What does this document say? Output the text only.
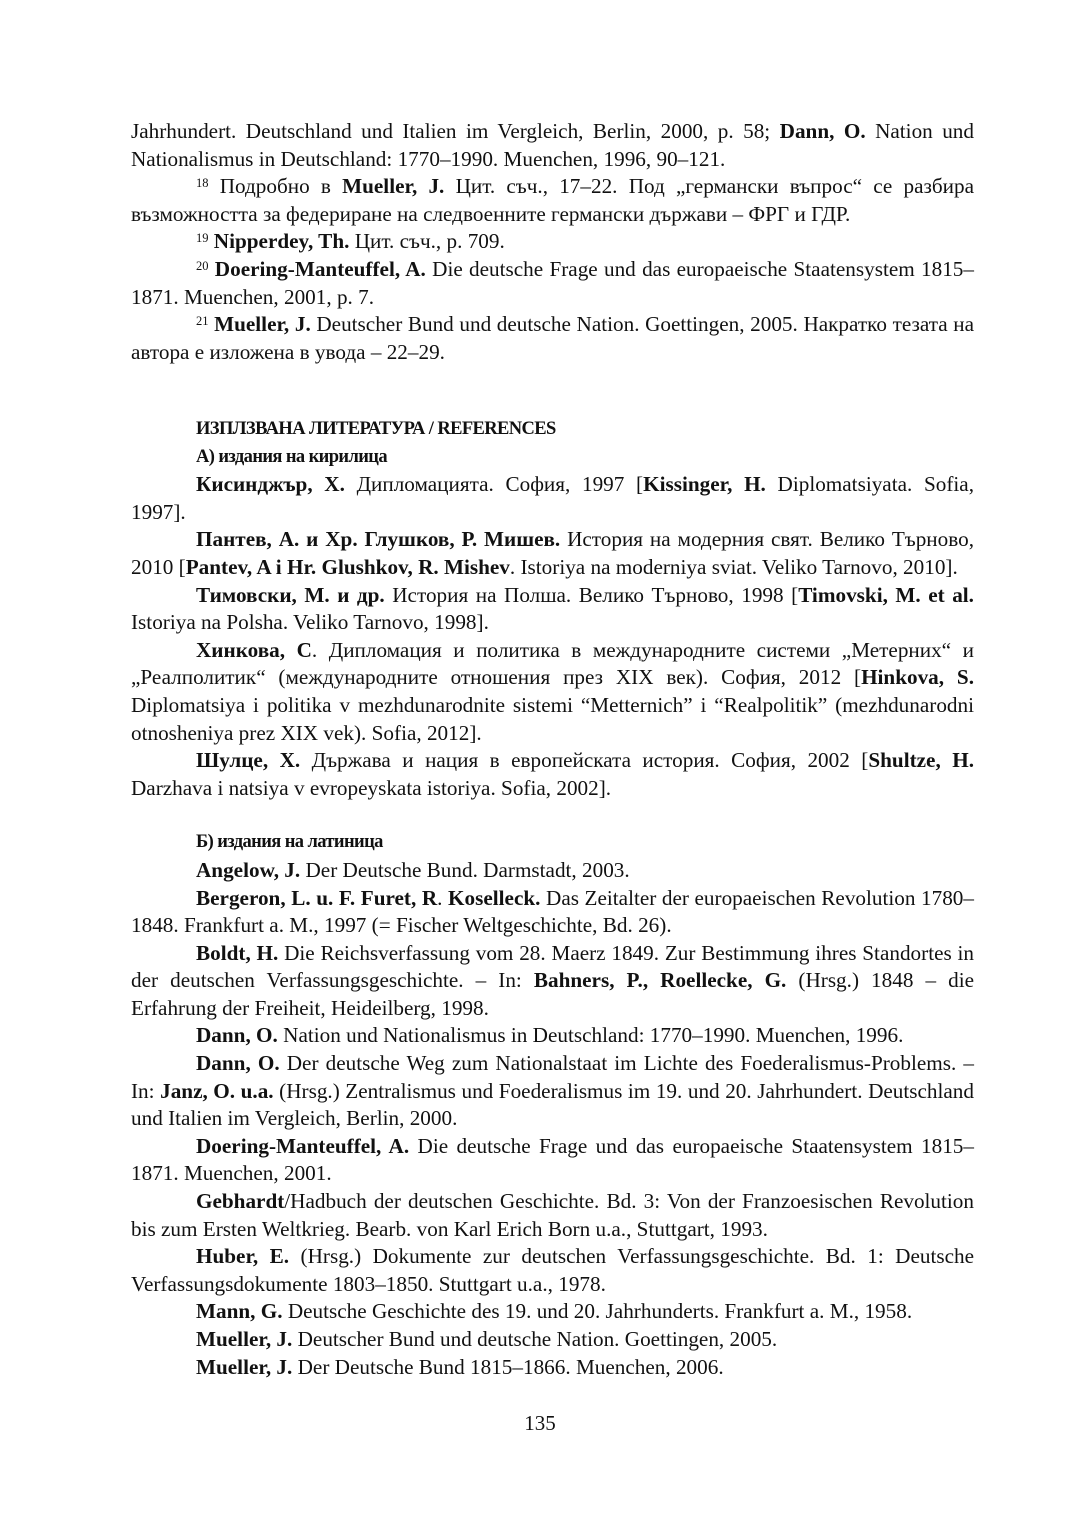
Jahrhundert. Deutschland und Italien im Vergleich, Berlin, 2000, p. 58; Dann, O. Nation und Nationalismus in Deutschland: 1770–1990. Muenchen, 1996, 90–121.

$^{18}$ Подробно в Mueller, J. Цит. съч., 17–22. Под „германски въпрос“ се разбира възможността за федериране на следвоенните германски държави – ФРГ и ГДР.

$^{19}$ Nipperdey, Th. Цит. съч., p. 709.

$^{20}$ Doering-Manteuffel, A. Die deutsche Frage und das europaeische Staatensystem 1815–1871. Muenchen, 2001, p. 7.

$^{21}$ Mueller, J. Deutscher Bund und deutsche Nation. Goettingen, 2005. Накратко тезата на автора е изложена в увода – 22–29.

ИЗПЛЗВАНА ЛИТЕРАТУРА / REFERENCES

А) издания на кирилица

Кисинджър, Х. Дипломацията. София, 1997 [Kissinger, H. Diplomatsiyata. Sofia, 1997].

Пантев, А. и Хр. Глушков, Р. Мишев. История на модерния свят. Велико Търново, 2010 [Pantev, A i Hr. Glushkov, R. Mishev. Istoriya na moderniya sviat. Veliko Tarnovo, 2010].

Тимовски, М. и др. История на Полша. Велико Търново, 1998 [Timovski, M. et al. Istoriya na Polsha. Veliko Tarnovo, 1998].

Хинкова, С. Дипломация и политика в международните системи „Метерних“ и „Реалполитик“ (международните отношения през XIX век). София, 2012 [Hinkova, S. Diplomatsiya i politika v mezhdunarodnite sistemi “Metternich” i “Realpolitik” (mezhdunarodni otnosheniya prez XIX vek). Sofia, 2012].

Шулце, Х. Държава и нация в европейската история. София, 2002 [Shultze, H. Darzhava i natsiya v evropeyskata istoriya. Sofia, 2002].

Б) издания на латиница

Angelow, J. Der Deutsche Bund. Darmstadt, 2003.

Bergeron, L. u. F. Furet, R. Koselleck. Das Zeitalter der europaeischen Revolution 1780–1848. Frankfurt a. M., 1997 (= Fischer Weltgeschichte, Bd. 26).

Boldt, H. Die Reichsverfassung vom 28. Maerz 1849. Zur Bestimmung ihres Standortes in der deutschen Verfassungsgeschichte. – In: Bahners, P., Roellecke, G. (Hrsg.) 1848 – die Erfahrung der Freiheit, Heideilberg, 1998.

Dann, O. Nation und Nationalismus in Deutschland: 1770–1990. Muenchen, 1996.

Dann, O. Der deutsche Weg zum Nationalstaat im Lichte des Foederalismus-Problems. – In: Janz, O. u.a. (Hrsg.) Zentralismus und Foederalismus im 19. und 20. Jahrhundert. Deutschland und Italien im Vergleich, Berlin, 2000.

Doering-Manteuffel, A. Die deutsche Frage und das europaeische Staatensystem 1815–1871. Muenchen, 2001.

Gebhardt/Hadbuch der deutschen Geschichte. Bd. 3: Von der Franzoesischen Revolution bis zum Ersten Weltkrieg. Bearb. von Karl Erich Born u.a., Stuttgart, 1993.

Huber, E. (Hrsg.) Dokumente zur deutschen Verfassungsgeschichte. Bd. 1: Deutsche Verfassungsdokumente 1803–1850. Stuttgart u.a., 1978.

Mann, G. Deutsche Geschichte des 19. und 20. Jahrhunderts. Frankfurt a. M., 1958.

Mueller, J. Deutscher Bund und deutsche Nation. Goettingen, 2005.

Mueller, J. Der Deutsche Bund 1815–1866. Muenchen, 2006.

135
